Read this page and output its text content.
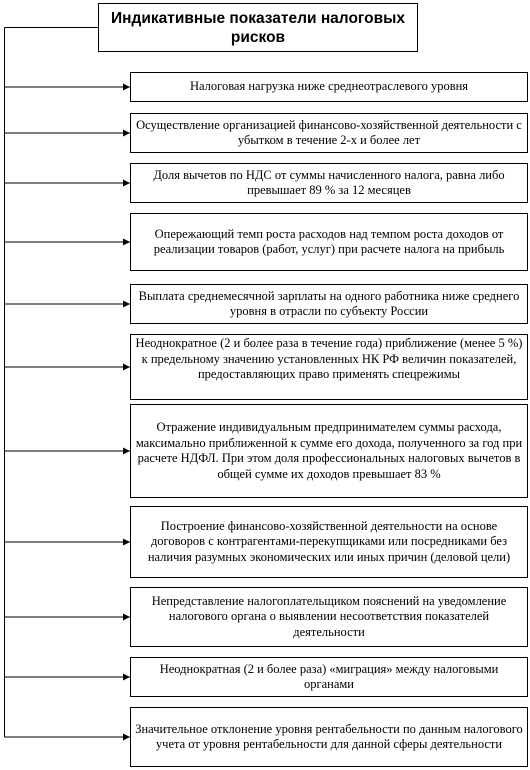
Индикативные показатели налоговых рисков
Налоговая нагрузка ниже среднеотраслевого уровня
Осуществление организацией финансово-хозяйственной деятельности с убытком в течение 2-х и более лет
Доля вычетов по НДС от суммы начисленного налога, равна либо превышает 89 % за 12 месяцев
Опережающий темп роста расходов над темпом роста доходов от реализации товаров (работ, услуг) при расчете налога на прибыль
Выплата среднемесячной зарплаты на одного работника ниже среднего уровня в отрасли по субъекту России
Неоднократное (2 и более раза в течение года) приближение (менее 5 %) к предельному значению установленных НК РФ величин показателей, предоставляющих право применять спецрежимы
Отражение индивидуальным предпринимателем суммы расхода, максимально приближенной к сумме его дохода, полученного за год при расчете НДФЛ. При этом доля профессиональных налоговых вычетов в общей сумме их доходов превышает 83 %
Построение финансово-хозяйственной деятельности на основе договоров с контрагентами-перекупщиками или посредниками без наличия разумных экономических или иных причин (деловой цели)
Непредставление налогоплательщиком пояснений на уведомление налогового органа о выявлении несоответствия показателей деятельности
Неоднократная (2 и более раза) «миграция» между налоговыми органами
Значительное отклонение уровня рентабельности по данным налогового учета от уровня рентабельности для данной сферы деятельности
